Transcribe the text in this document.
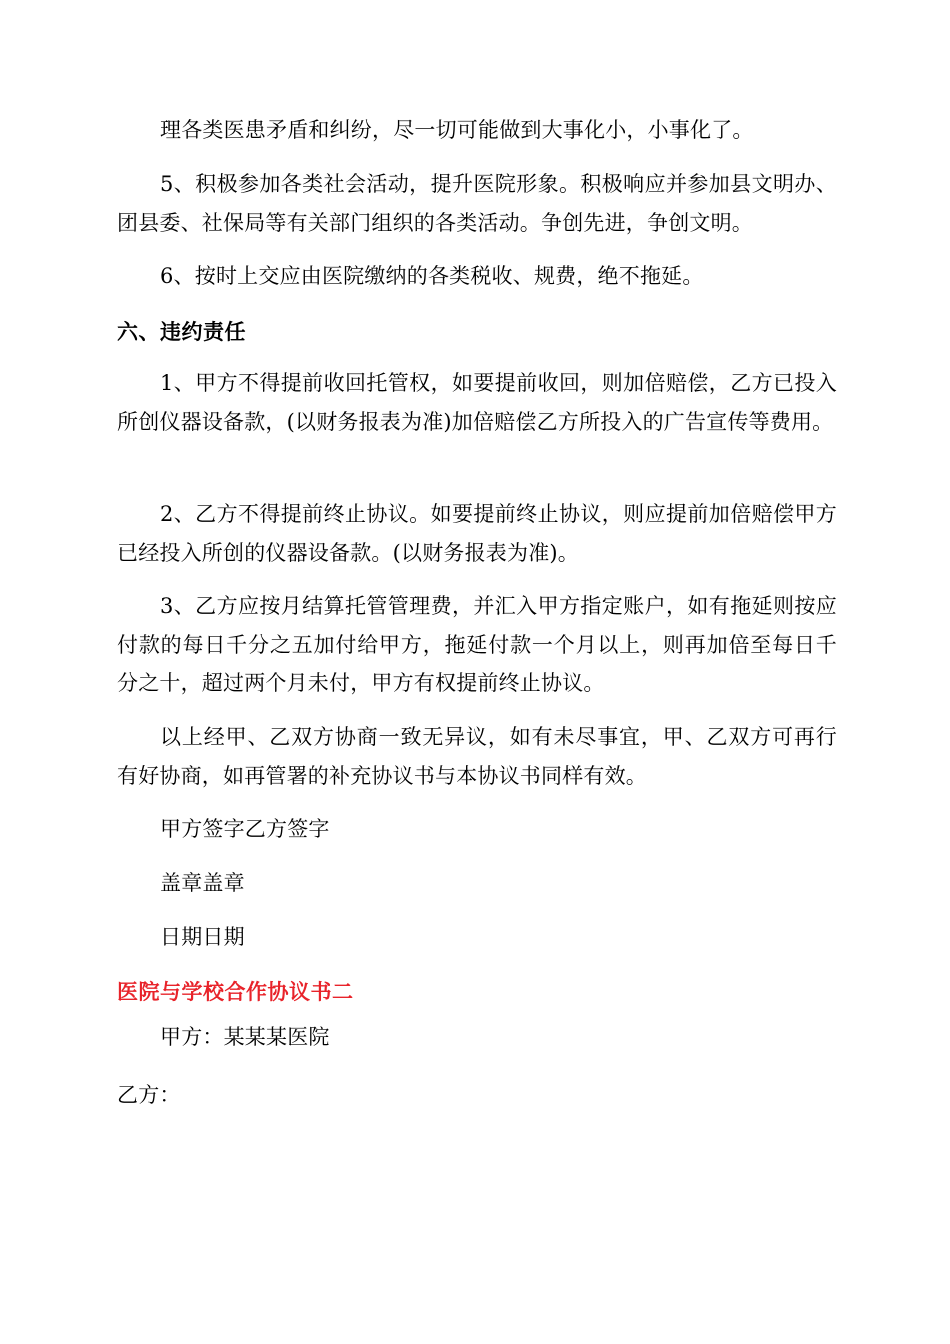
理各类医患矛盾和纠纷，尽一切可能做到大事化小，小事化了。

5、积极参加各类社会活动，提升医院形象。积极响应并参加县文明办、团县委、社保局等有关部门组织的各类活动。争创先进，争创文明。

6、按时上交应由医院缴纳的各类税收、规费，绝不拖延。

六、违约责任

1、甲方不得提前收回托管权，如要提前收回，则加倍赔偿，乙方已投入所创仪器设备款，(以财务报表为准)加倍赔偿乙方所投入的广告宣传等费用。

2、乙方不得提前终止协议。如要提前终止协议，则应提前加倍赔偿甲方已经投入所创的仪器设备款。(以财务报表为准)。

3、乙方应按月结算托管管理费，并汇入甲方指定账户，如有拖延则按应付款的每日千分之五加付给甲方，拖延付款一个月以上，则再加倍至每日千分之十，超过两个月未付，甲方有权提前终止协议。

以上经甲、乙双方协商一致无异议，如有未尽事宜，甲、乙双方可再行有好协商，如再管署的补充协议书与本协议书同样有效。

甲方签字乙方签字

盖章盖章

日期日期

医院与学校合作协议书二

甲方：某某某医院

乙方：
